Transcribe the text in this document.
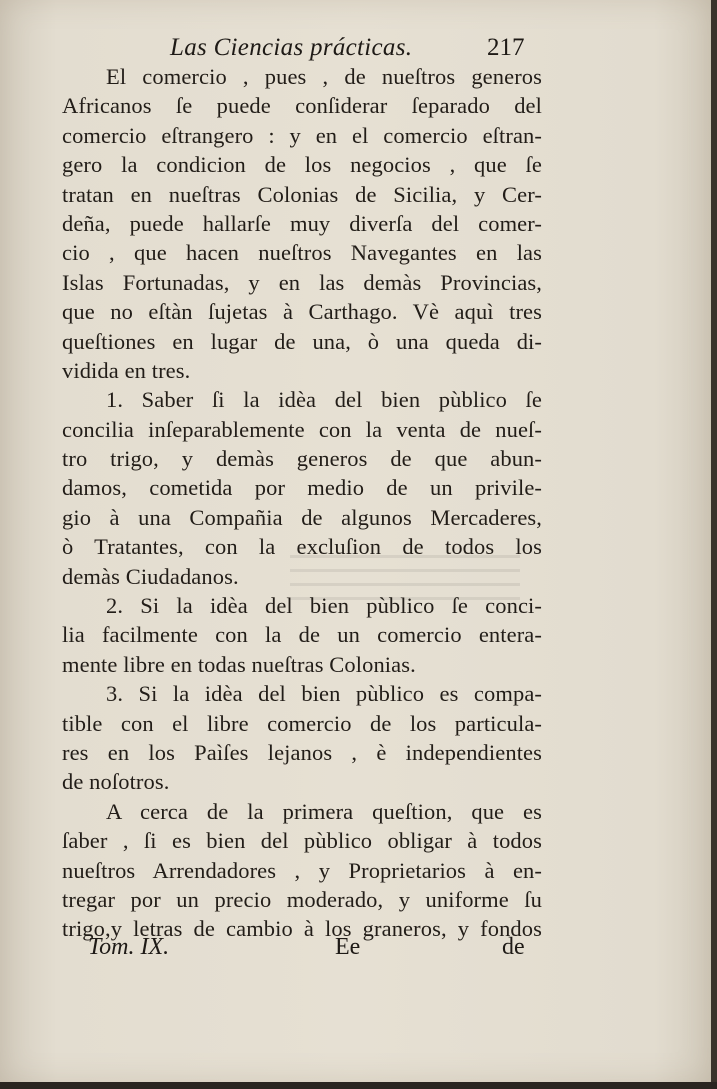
Las Ciencias prácticas.	217
El comercio , pues , de nueſtros generos
Africanos ſe puede conſiderar ſeparado del
comercio eſtrangero : y en el comercio eſtran-
gero la condicion de los negocios , que ſe
tratan en nueſtras Colonias de Sicilia, y Cer-
deña, puede hallarſe muy diverſa del comer-
cio , que hacen nueſtros Navegantes en las
Islas Fortunadas, y en las demàs Provincias,
que no eſtàn ſujetas à Carthago. Vè aquì tres
queſtiones en lugar de una, ò una queda di-
vidida en tres.
1. Saber ſi la idèa del bien pùblico ſe
concilia inſeparablemente con la venta de nueſ-
tro trigo, y demàs generos de que abun-
damos, cometida por medio de un privile-
gio à una Compañia de algunos Mercaderes,
ò Tratantes, con la excluſion de todos los
demàs Ciudadanos.
2. Si la idèa del bien pùblico ſe conci-
lia facilmente con la de un comercio entera-
mente libre en todas nueſtras Colonias.
3. Si la idèa del bien pùblico es compa-
tible con el libre comercio de los particula-
res en los Paìſes lejanos , è independientes
de noſotros.
A cerca de la primera queſtion, que es
ſaber , ſi es bien del pùblico obligar à todos
nueſtros Arrendadores , y Proprietarios à en-
tregar por un precio moderado, y uniforme ſu
trigo,y letras de cambio à los graneros, y fondos
Tom. IX.	Ee	de
